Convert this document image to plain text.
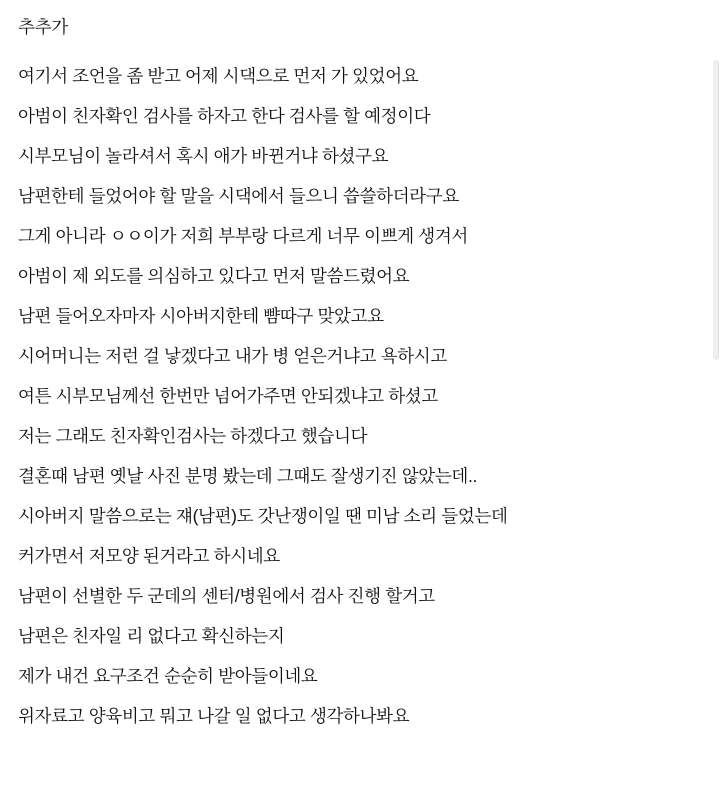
추추가
여기서 조언을 좀 받고 어제 시댁으로 먼저 가 있었어요
아범이 친자확인 검사를 하자고 한다 검사를 할 예정이다
시부모님이 놀라셔서 혹시 애가 바뀐거냐 하셨구요
남편한테 들었어야 할 말을 시댁에서 들으니 씁쓸하더라구요
그게 아니라 ㅇㅇ이가 저희 부부랑 다르게 너무 이쁘게 생겨서
아범이 제 외도를 의심하고 있다고 먼저 말씀드렸어요
남편 들어오자마자 시아버지한테 뺨따구 맞았고요
시어머니는 저런 걸 낳겠다고 내가 병 얻은거냐고 욕하시고
여튼 시부모님께선 한번만 넘어가주면 안되겠냐고 하셨고
저는 그래도 친자확인검사는 하겠다고 했습니다
결혼때 남편 옛날 사진 분명 봤는데 그때도 잘생기진 않았는데..
시아버지 말씀으로는 쟤(남편)도 갓난쟁이일 땐 미남 소리 들었는데
커가면서 저모양 된거라고 하시네요
남편이 선별한 두 군데의 센터/병원에서 검사 진행 할거고
남편은 친자일 리 없다고 확신하는지
제가 내건 요구조건 순순히 받아들이네요
위자료고 양육비고 뭐고 나갈 일 없다고 생각하나봐요
